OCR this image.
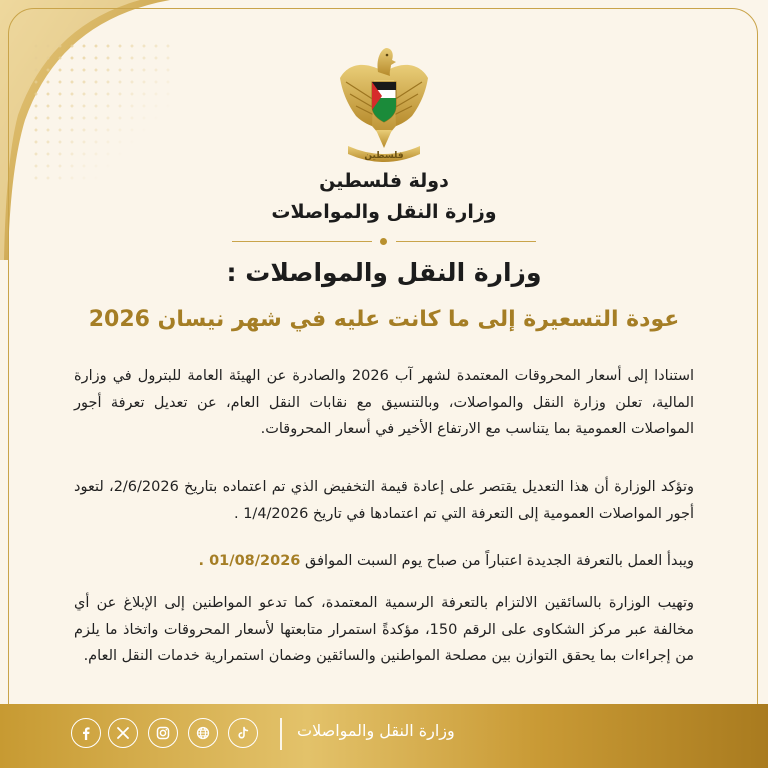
فلسطين
دولة فلسطين
وزارة النقل والمواصلات
وزارة النقل والمواصلات :
عودة التسعيرة إلى ما كانت عليه في شهر نيسان 2026
استنادا إلى أسعار المحروقات المعتمدة لشهر آب 2026 والصادرة عن الهيئة العامة للبترول في وزارة المالية، تعلن وزارة النقل والمواصلات، وبالتنسيق مع نقابات النقل العام، عن تعديل تعرفة أجور المواصلات العمومية بما يتناسب مع الارتفاع الأخير في أسعار المحروقات.
وتؤكد الوزارة أن هذا التعديل يقتصر على إعادة قيمة التخفيض الذي تم اعتماده بتاريخ 2/6/2026، لتعود أجور المواصلات العمومية إلى التعرفة التي تم اعتمادها في تاريخ 1/4/2026 .
ويبدأ العمل بالتعرفة الجديدة اعتباراً من صباح يوم السبت الموافق 01/08/2026 .
وتهيب الوزارة بالسائقين الالتزام بالتعرفة الرسمية المعتمدة، كما تدعو المواطنين إلى الإبلاغ عن أي مخالفة عبر مركز الشكاوى على الرقم 150، مؤكدةً استمرار متابعتها لأسعار المحروقات واتخاذ ما يلزم من إجراءات بما يحقق التوازن بين مصلحة المواطنين والسائقين وضمان استمرارية خدمات النقل العام.
وزارة النقل والمواصلات
